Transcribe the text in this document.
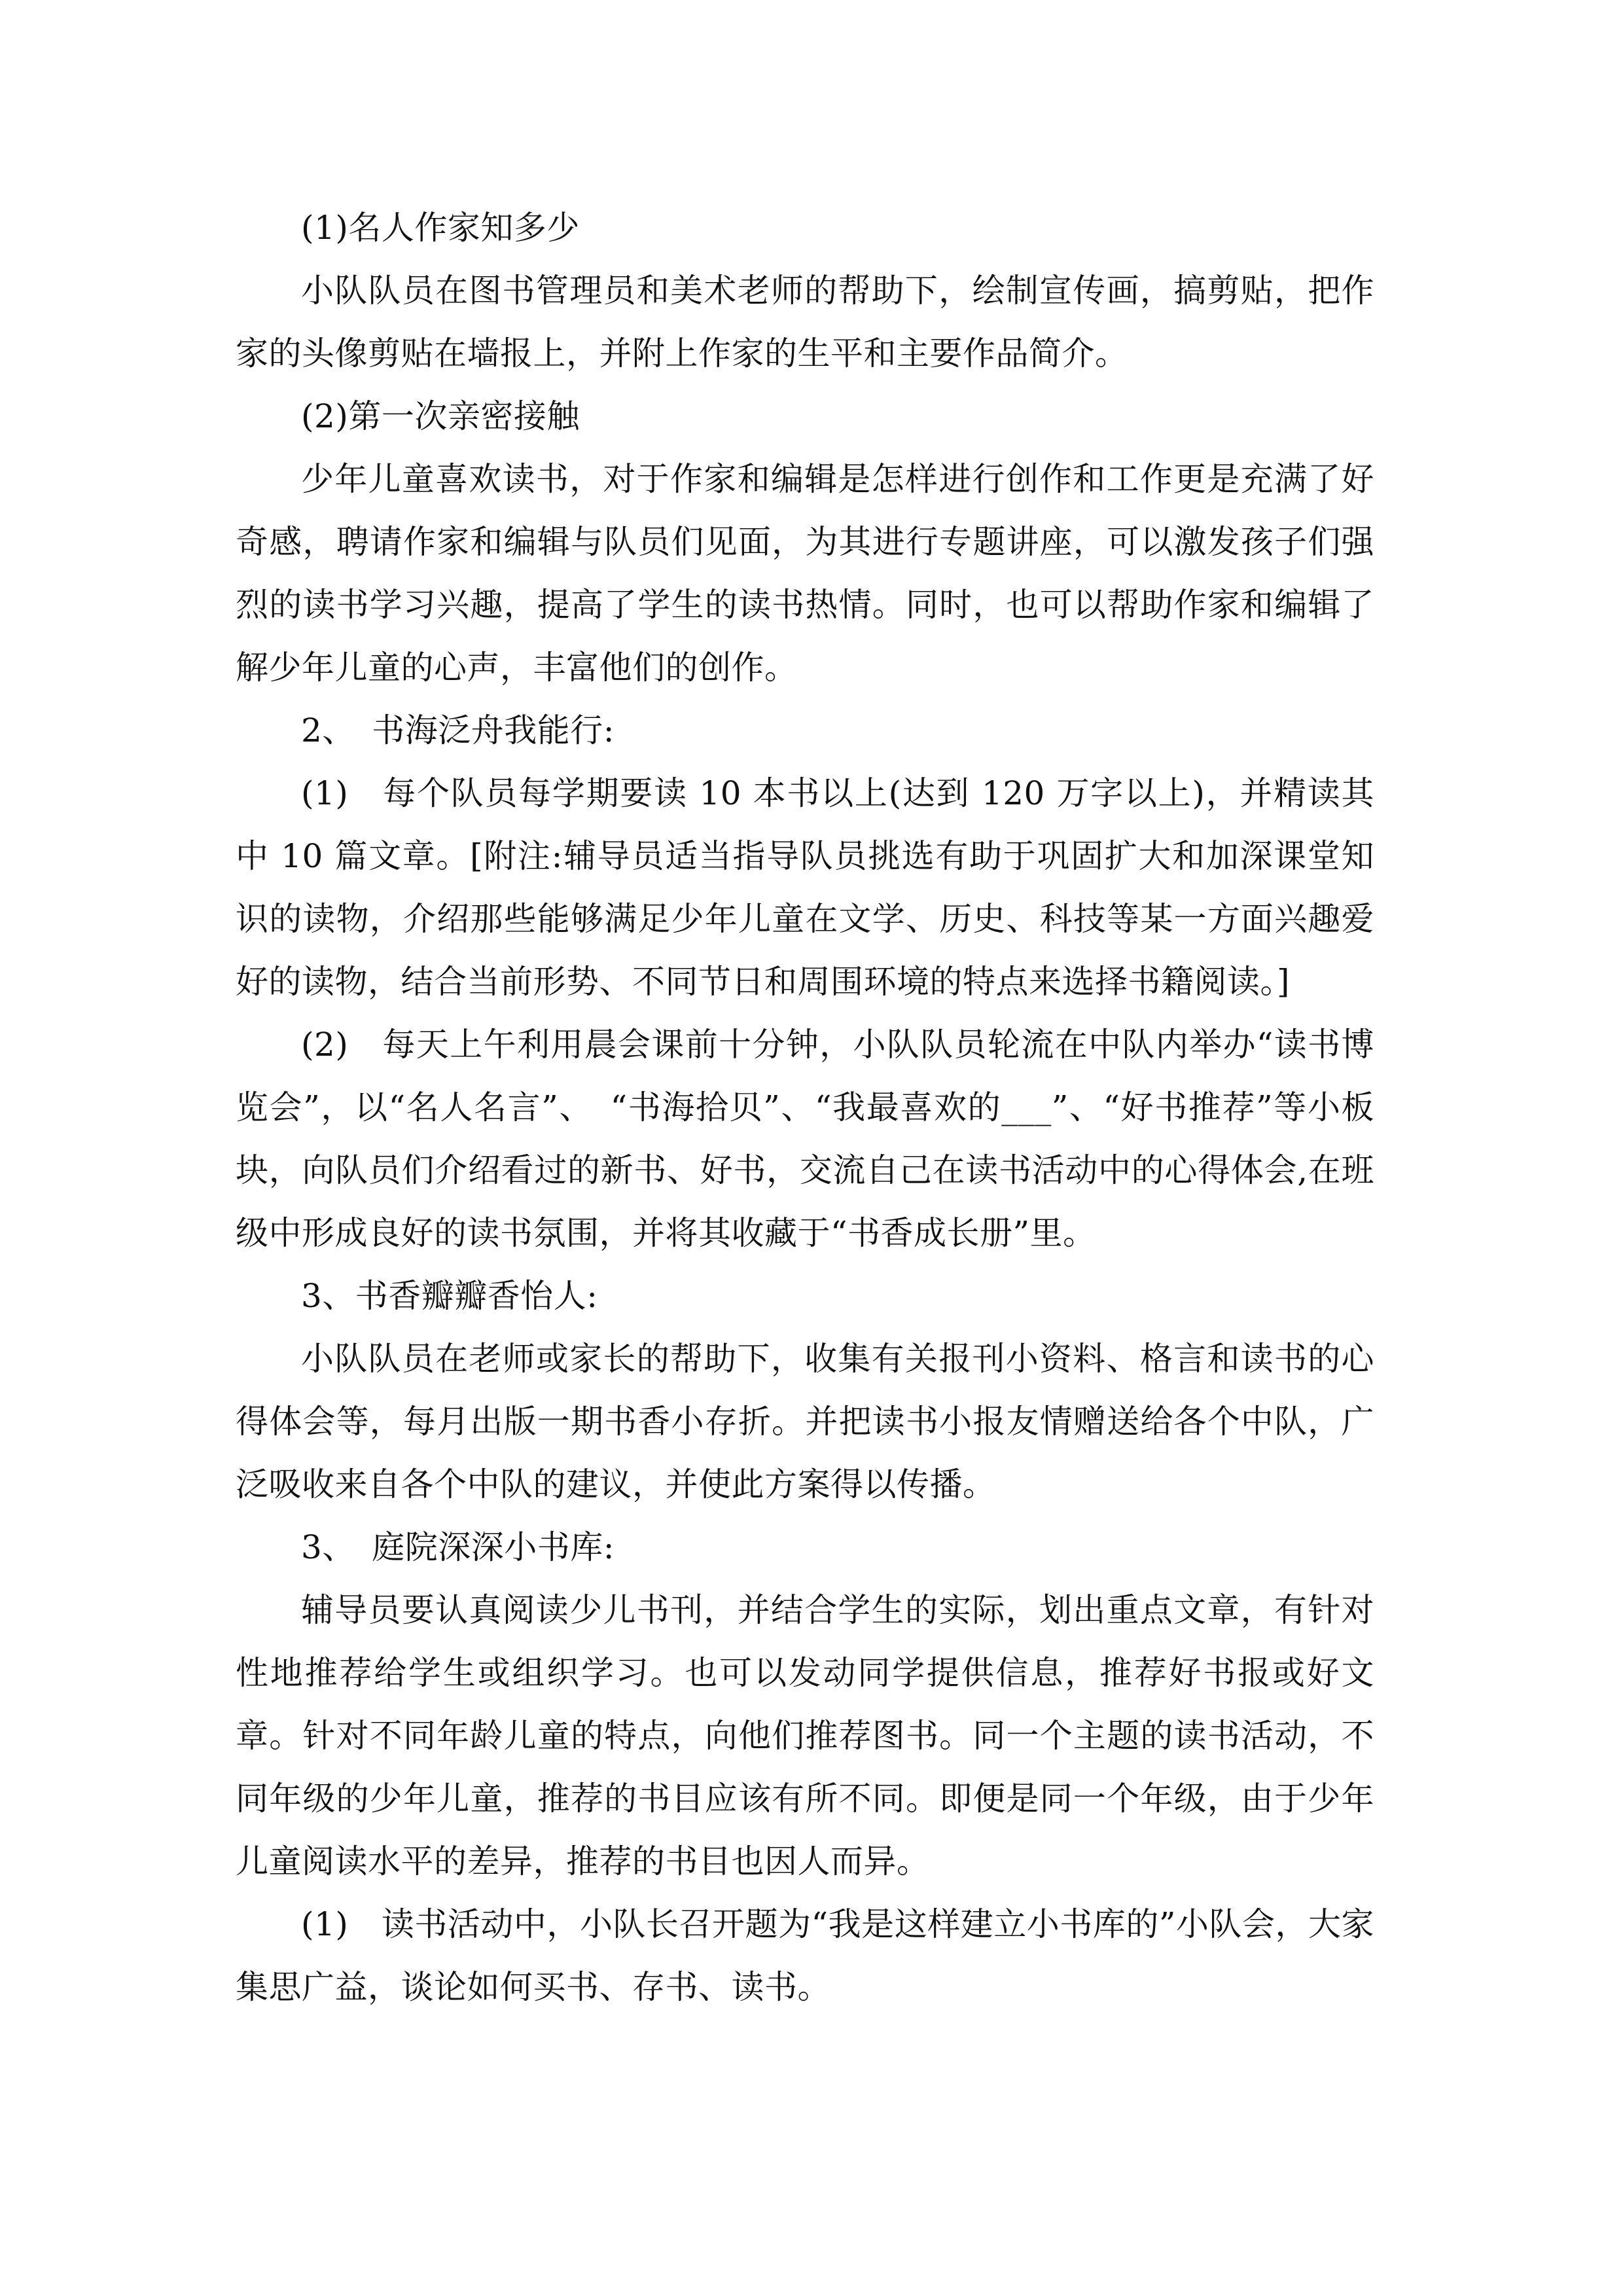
(1)名人作家知多少

小队队员在图书管理员和美术老师的帮助下，绘制宣传画，搞剪贴，把作家的头像剪贴在墙报上，并附上作家的生平和主要作品简介。

(2)第一次亲密接触

少年儿童喜欢读书，对于作家和编辑是怎样进行创作和工作更是充满了好奇感，聘请作家和编辑与队员们见面，为其进行专题讲座，可以激发孩子们强烈的读书学习兴趣，提高了学生的读书热情。同时，也可以帮助作家和编辑了解少年儿童的心声，丰富他们的创作。

2、　书海泛舟我能行:

(1)　每个队员每学期要读 10 本书以上(达到 120 万字以上)，并精读其中 10 篇文章。[附注:辅导员适当指导队员挑选有助于巩固扩大和加深课堂知识的读物，介绍那些能够满足少年儿童在文学、历史、科技等某一方面兴趣爱好的读物，结合当前形势、不同节日和周围环境的特点来选择书籍阅读。]

(2)　每天上午利用晨会课前十分钟，小队队员轮流在中队内举办“读书博览会”，以“名人名言”、　“书海拾贝”、“我最喜欢的___”、“好书推荐”等小板块，向队员们介绍看过的新书、好书，交流自己在读书活动中的心得体会,在班级中形成良好的读书氛围，并将其收藏于“书香成长册”里。

3、书香瓣瓣香怡人:

小队队员在老师或家长的帮助下，收集有关报刊小资料、格言和读书的心得体会等，每月出版一期书香小存折。并把读书小报友情赠送给各个中队，广泛吸收来自各个中队的建议，并使此方案得以传播。

3、　庭院深深小书库:

辅导员要认真阅读少儿书刊，并结合学生的实际，划出重点文章，有针对性地推荐给学生或组织学习。也可以发动同学提供信息，推荐好书报或好文章。针对不同年龄儿童的特点，向他们推荐图书。同一个主题的读书活动，不同年级的少年儿童，推荐的书目应该有所不同。即便是同一个年级，由于少年儿童阅读水平的差异，推荐的书目也因人而异。

(1)　读书活动中，小队长召开题为“我是这样建立小书库的”小队会，大家集思广益，谈论如何买书、存书、读书。
